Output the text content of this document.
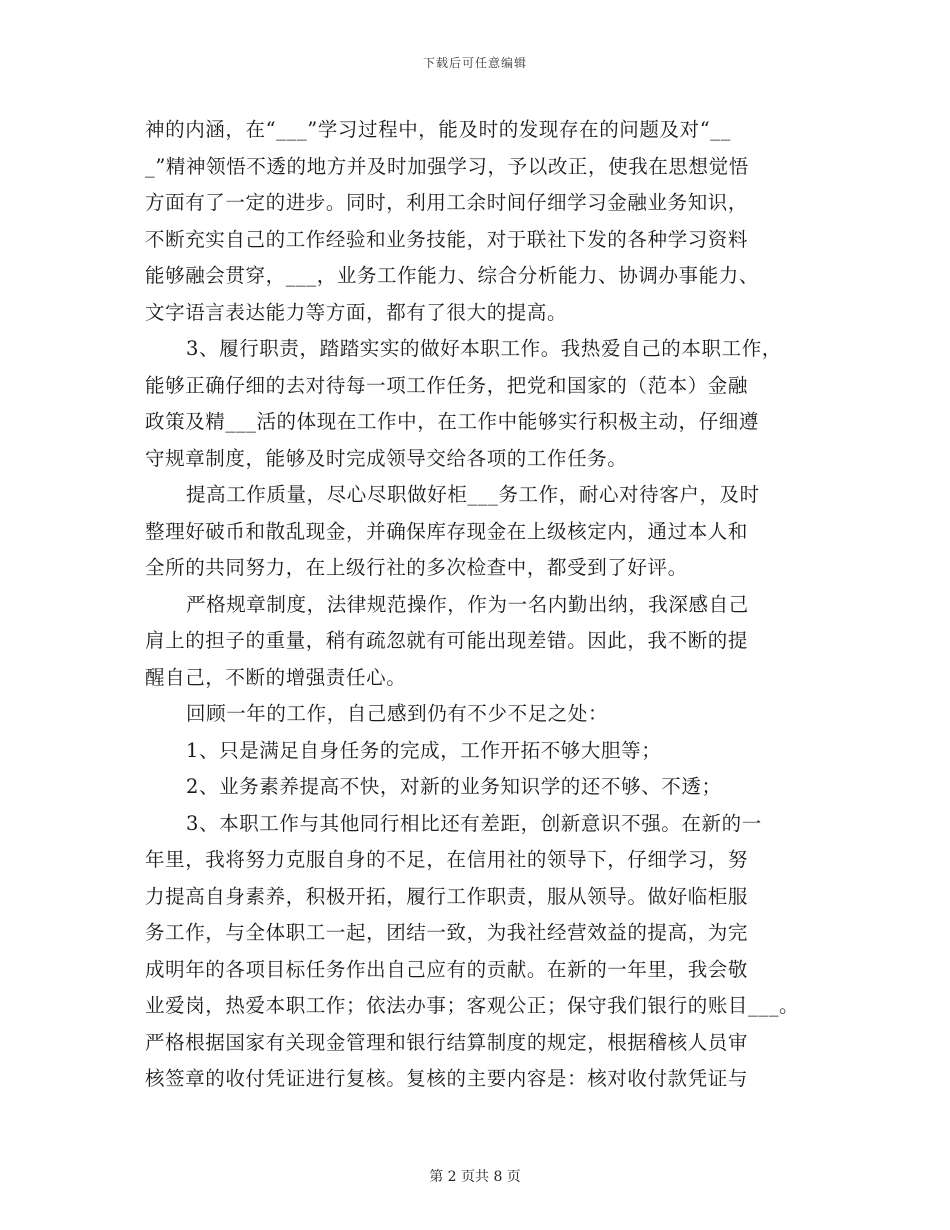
下载后可任意编辑
神的内涵，在“___”学习过程中，能及时的发现存在的问题及对“__
_”精神领悟不透的地方并及时加强学习，予以改正，使我在思想觉悟
方面有了一定的进步。同时，利用工余时间仔细学习金融业务知识，
不断充实自己的工作经验和业务技能，对于联社下发的各种学习资料
能够融会贯穿，___，业务工作能力、综合分析能力、协调办事能力、
文字语言表达能力等方面，都有了很大的提高。
3、履行职责，踏踏实实的做好本职工作。我热爱自己的本职工作，
能够正确仔细的去对待每一项工作任务，把党和国家的（范本）金融
政策及精___活的体现在工作中，在工作中能够实行积极主动，仔细遵
守规章制度，能够及时完成领导交给各项的工作任务。
提高工作质量，尽心尽职做好柜___务工作，耐心对待客户，及时
整理好破币和散乱现金，并确保库存现金在上级核定内，通过本人和
全所的共同努力，在上级行社的多次检查中，都受到了好评。
严格规章制度，法律规范操作，作为一名内勤出纳，我深感自己
肩上的担子的重量，稍有疏忽就有可能出现差错。因此，我不断的提
醒自己，不断的增强责任心。
回顾一年的工作，自己感到仍有不少不足之处：
1、只是满足自身任务的完成，工作开拓不够大胆等；
2、业务素养提高不快，对新的业务知识学的还不够、不透；
3、本职工作与其他同行相比还有差距，创新意识不强。在新的一
年里，我将努力克服自身的不足，在信用社的领导下，仔细学习，努
力提高自身素养，积极开拓，履行工作职责，服从领导。做好临柜服
务工作，与全体职工一起，团结一致，为我社经营效益的提高，为完
成明年的各项目标任务作出自己应有的贡献。在新的一年里，我会敬
业爱岗，热爱本职工作；依法办事；客观公正；保守我们银行的账目___。
严格根据国家有关现金管理和银行结算制度的规定，根据稽核人员审
核签章的收付凭证进行复核。复核的主要内容是：核对收付款凭证与
第 2 页共 8 页
